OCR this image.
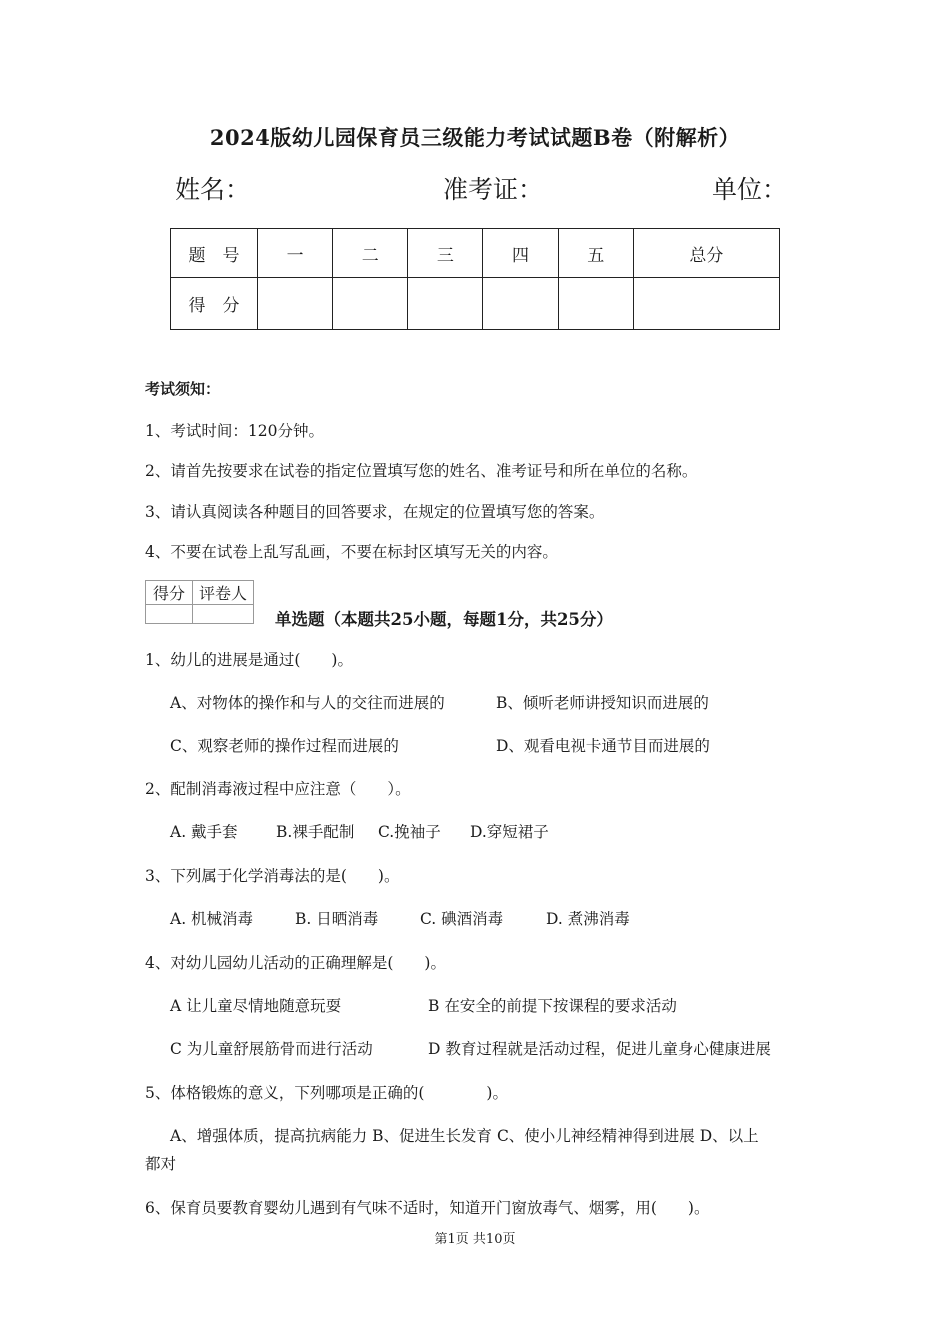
2024版幼儿园保育员三级能力考试试题B卷（附解析）
姓名：	准考证：	单位：
题　号	一	二	三	四	五	总分
得　分						
考试须知：
1、考试时间：120分钟。
2、请首先按要求在试卷的指定位置填写您的姓名、准考证号和所在单位的名称。
3、请认真阅读各种题目的回答要求，在规定的位置填写您的答案。
4、不要在试卷上乱写乱画，不要在标封区填写无关的内容。
得分	评卷人

单选题（本题共25小题，每题1分，共25分）
1、幼儿的进展是通过(　　)。
A、对物体的操作和与人的交往而进展的	B、倾听老师讲授知识而进展的
C、观察老师的操作过程而进展的	D、观看电视卡通节目而进展的
2、配制消毒液过程中应注意（　　）。
A. 戴手套 B.裸手配制 C.挽袖子 D.穿短裙子
3、下列属于化学消毒法的是(　　)。
A. 机械消毒	B. 日晒消毒	C. 碘酒消毒	D. 煮沸消毒
4、对幼儿园幼儿活动的正确理解是(　　)。
A 让儿童尽情地随意玩耍	B 在安全的前提下按课程的要求活动
C 为儿童舒展筋骨而进行活动	D 教育过程就是活动过程，促进儿童身心健康进展
5、体格锻炼的意义，下列哪项是正确的(　　　　)。
A、增强体质，提高抗病能力 B、促进生长发育 C、使小儿神经精神得到进展 D、以上
都对
6、保育员要教育婴幼儿遇到有气味不适时，知道开门窗放毒气、烟雾，用(　　)。
第1页 共10页
